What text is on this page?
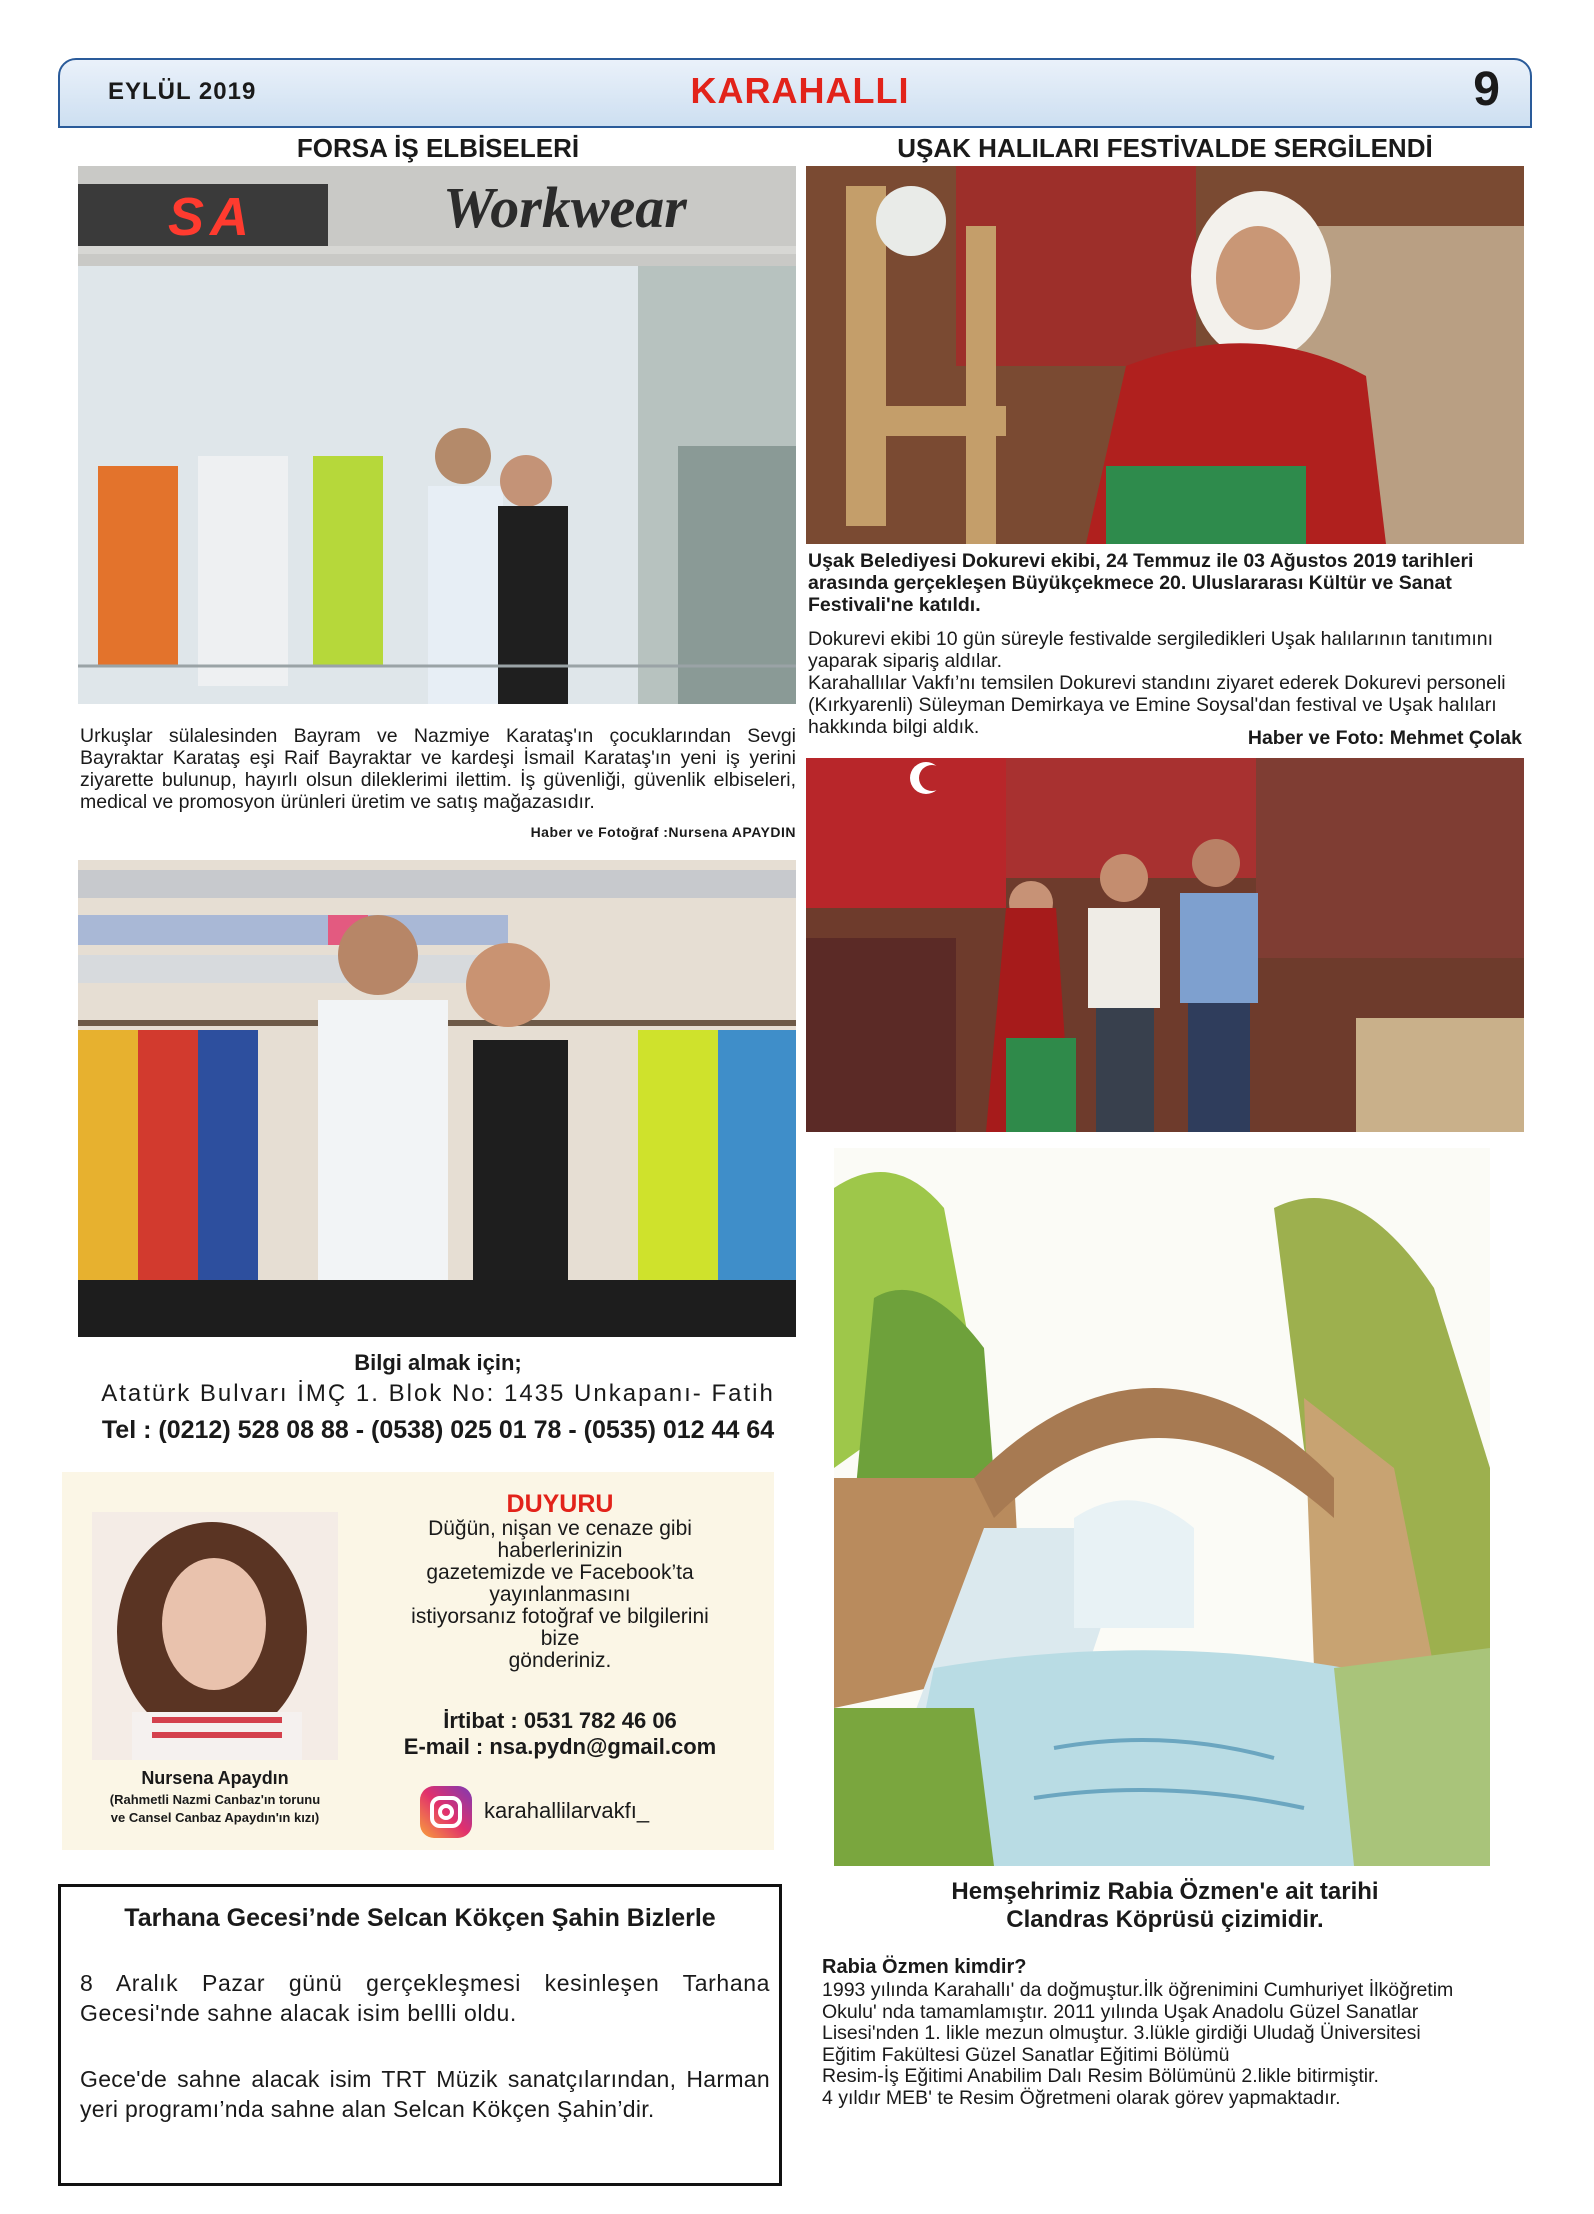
EYLÜL 2019	KARAHALLI	9
FORSA İŞ ELBİSELERİ
SA	Workwear
Urkuşlar sülalesinden Bayram ve Nazmiye Karataş'ın çocuklarından Sevgi Bayraktar Karataş eşi Raif Bayraktar ve kardeşi İsmail Karataş'ın yeni iş yerini ziyarette bulunup, hayırlı olsun dileklerimi ilettim. İş güvenliği, güvenlik elbiseleri, medical ve promosyon ürünleri üretim ve satış mağazasıdır.
Haber ve Fotoğraf :Nursena APAYDIN
Bilgi almak için;
Atatürk Bulvarı İMÇ 1. Blok No: 1435 Unkapanı- Fatih
Tel : (0212) 528 08 88 - (0538) 025 01 78 - (0535) 012 44 64
Nursena Apaydın
(Rahmetli Nazmi Canbaz'ın torunu
ve Cansel Canbaz Apaydın'ın kızı)
DUYURU
Düğün, nişan ve cenaze gibi
haberlerinizin
gazetemizde ve Facebook’ta
yayınlanmasını
istiyorsanız fotoğraf ve bilgilerini
bize
gönderiniz.
İrtibat : 0531 782 46 06
E-mail : nsa.pydn@gmail.com
karahallilarvakfı_
Tarhana Gecesi’nde Selcan Kökçen Şahin Bizlerle
8 Aralık Pazar günü gerçekleşmesi kesinleşen Tarhana Gecesi'nde sahne alacak isim bellli oldu.
Gece'de sahne alacak isim TRT Müzik sanatçılarından, Harman yeri programı’nda sahne alan Selcan Kökçen Şahin’dir.
UŞAK HALILARI FESTİVALDE SERGİLENDİ
Uşak Belediyesi Dokurevi ekibi, 24 Temmuz ile 03 Ağustos 2019 tarihleri arasında gerçekleşen Büyükçekmece 20. Uluslararası Kültür ve Sanat Festivali'ne katıldı.
Dokurevi ekibi 10 gün süreyle festivalde sergiledikleri Uşak halılarının tanıtımını yaparak sipariş aldılar.
Karahallılar Vakfı’nı temsilen Dokurevi standını ziyaret ederek Dokurevi personeli (Kırkyarenli) Süleyman Demirkaya ve Emine Soysal'dan festival ve Uşak halıları hakkında bilgi aldık.	Haber ve Foto: Mehmet Çolak
Hemşehrimiz Rabia Özmen'e ait tarihi
Clandras Köprüsü çizimidir.
Rabia Özmen kimdir?
1993 yılında Karahallı' da doğmuştur.İlk öğrenimini Cumhuriyet İlköğretim
Okulu' nda tamamlamıştır. 2011 yılında Uşak Anadolu Güzel Sanatlar
Lisesi'nden 1. likle mezun olmuştur. 3.lükle girdiği Uludağ Üniversitesi
Eğitim Fakültesi Güzel Sanatlar Eğitimi Bölümü
Resim-İş Eğitimi Anabilim Dalı Resim Bölümünü 2.likle bitirmiştir.
4 yıldır MEB' te Resim Öğretmeni olarak görev yapmaktadır.
